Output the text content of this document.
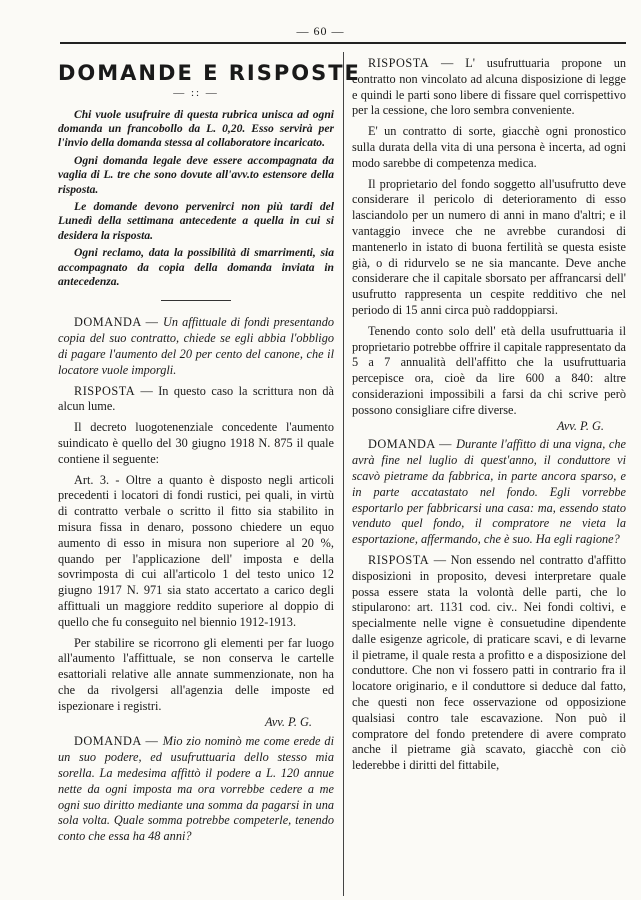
— 60 —
DOMANDE E RISPOSTE
— :: —

Chi vuole usufruire di questa rubrica unisca ad ogni domanda un francobollo da L. 0,20. Esso servirà per l'invio della domanda stessa al collaboratore incaricato.

Ogni domanda legale deve essere accompagnata da vaglia di L. tre che sono dovute all'avv.to estensore della risposta.

Le domande devono pervenirci non più tardi del Lunedì della settimana antecedente a quella in cui si desidera la risposta.

Ogni reclamo, data la possibilità di smarrimenti, sia accompagnato da copia della domanda inviata in antecedenza.

DOMANDA — Un affittuale di fondi presentando copia del suo contratto, chiede se egli abbia l'obbligo di pagare l'aumento del 20 per cento del canone, che il locatore vuole imporgli.

RISPOSTA — In questo caso la scrittura non dà alcun lume.

Il decreto luogotenenziale concedente l'aumento suindicato è quello del 30 giugno 1918 N. 875 il quale contiene il seguente:

Art. 3. - Oltre a quanto è disposto negli articoli precedenti i locatori di fondi rustici, pei quali, in virtù di contratto verbale o scritto il fitto sia stabilito in misura fissa in denaro, possono chiedere un equo aumento di esso in misura non superiore al 20 %, quando per l'applicazione dell' imposta e della sovrimposta di cui all'articolo 1 del testo unico 12 giugno 1917 N. 971 sia stato accertato a carico degli affittuali un maggiore reddito superiore al doppio di quello che fu conseguito nel biennio 1912-1913.

Per stabilire se ricorrono gli elementi per far luogo all'aumento l'affittuale, se non conserva le cartelle esattoriali relative alle annate summenzionate, non ha che da rivolgersi all'agenzia delle imposte ed ispezionare i registri.

Avv. P. G.

DOMANDA — Mio zio nominò me come erede di un suo podere, ed usufruttuaria dello stesso mia sorella. La medesima affittò il podere a L. 120 annue nette da ogni imposta ma ora vorrebbe cedere a me ogni suo diritto mediante una somma da pagarsi in una sola volta. Quale somma potrebbe competerle, tenendo conto che essa ha 48 anni?

RISPOSTA — L' usufruttuaria propone un contratto non vincolato ad alcuna disposizione di legge e quindi le parti sono libere di fissare quel corrispettivo per la cessione, che loro sembra conveniente.

E' un contratto di sorte, giacchè ogni pronostico sulla durata della vita di una persona è incerta, ad ogni modo sarebbe di competenza medica.

Il proprietario del fondo soggetto all'usufrutto deve considerare il pericolo di deterioramento di esso lasciandolo per un numero di anni in mano d'altri; e il vantaggio invece che ne avrebbe curandosi di mantenerlo in istato di buona fertilità se questa esiste già, o di ridurvelo se ne sia mancante. Deve anche considerare che il capitale sborsato per affrancarsi dell' usufrutto rappresenta un cespite redditivo che nel periodo di 15 anni circa può raddoppiarsi.

Tenendo conto solo dell' età della usufruttuaria il proprietario potrebbe offrire il capitale rappresentato da 5 a 7 annualità dell'affitto che la usufruttuaria percepisce ora, cioè da lire 600 a 840: altre considerazioni impossibili a farsi da chi scrive però possono consigliare cifre diverse.

Avv. P. G.

DOMANDA — Durante l'affitto di una vigna, che avrà fine nel luglio di quest'anno, il conduttore vi scavò pietrame da fabbrica, in parte ancora sparso, e in parte accatastato nel fondo. Egli vorrebbe esportarlo per fabbricarsi una casa: ma, essendo stato venduto quel fondo, il compratore ne vieta la esportazione, affermando, che è suo. Ha egli ragione?

RISPOSTA — Non essendo nel contratto d'affitto disposizioni in proposito, devesi interpretare quale possa essere stata la volontà delle parti, che lo stipularono: art. 1131 cod. civ.. Nei fondi coltivi, e specialmente nelle vigne è consuetudine dipendente dalle esigenze agricole, di praticare scavi, e di levarne il pietrame, il quale resta a profitto e a disposizione del conduttore. Che non vi fossero patti in contrario fra il locatore originario, e il conduttore si deduce dal fatto, che questi non fece osservazione od opposizione qualsiasi contro tale escavazione. Non può il compratore del fondo pretendere di avere comprato anche il pietrame già scavato, giacchè con ciò lederebbe i diritti del fittabile,
